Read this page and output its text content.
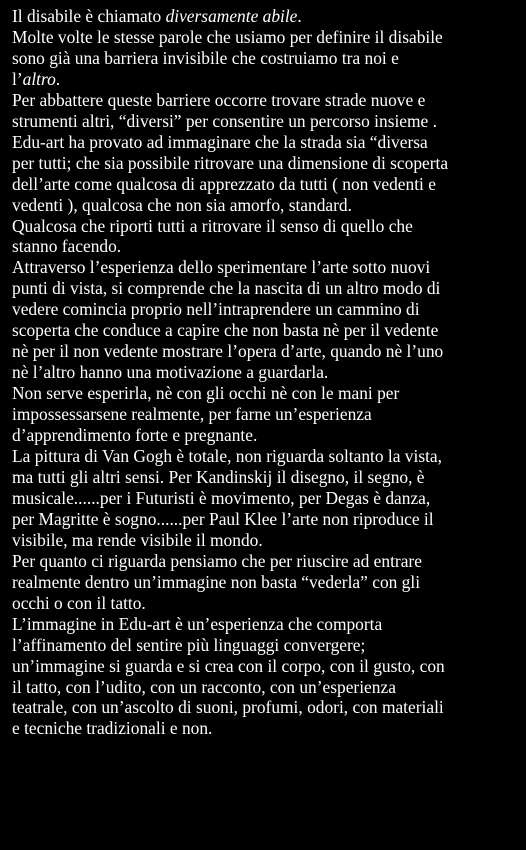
Il disabile è chiamato diversamente abile.
Molte volte le stesse parole che usiamo per definire il disabile
sono già una barriera invisibile che costruiamo tra noi e
l’altro.
Per abbattere queste barriere occorre trovare strade nuove e
strumenti altri, “diversi” per consentire un percorso insieme .
Edu-art ha provato ad immaginare che la strada sia “diversa
per tutti; che sia possibile ritrovare una dimensione di scoperta
dell’arte come qualcosa di apprezzato da tutti ( non vedenti e
vedenti ), qualcosa che non sia amorfo, standard.
Qualcosa che riporti tutti a ritrovare il senso di quello che
stanno facendo.
Attraverso l’esperienza dello sperimentare l’arte sotto nuovi
punti di vista, si comprende che la nascita di un altro modo di
vedere comincia proprio nell’intraprendere un cammino di
scoperta che conduce a capire che non basta nè per il vedente
nè per il non vedente mostrare l’opera d’arte, quando nè l’uno
nè l’altro hanno una motivazione a guardarla.
Non serve esperirla, nè con gli occhi nè con le mani per
impossessarsene realmente, per farne un’esperienza
d’apprendimento forte e pregnante.
La pittura di Van Gogh è totale, non riguarda soltanto la vista,
ma tutti gli altri sensi. Per Kandinskij il disegno, il segno, è
musicale......per i Futuristi è movimento, per Degas è danza,
per Magritte è sogno......per Paul Klee l’arte non riproduce il
visibile, ma rende visibile il mondo.
Per quanto ci riguarda pensiamo che per riuscire ad entrare
realmente dentro un’immagine non basta “vederla” con gli
occhi o con il tatto.
L’immagine in Edu-art è un’esperienza che comporta
l’affinamento del sentire più linguaggi convergere;
un’immagine si guarda e si crea con il corpo, con il gusto, con
il tatto, con l’udito, con un racconto, con un’esperienza
teatrale, con un’ascolto di suoni, profumi, odori, con materiali
e tecniche tradizionali e non.
